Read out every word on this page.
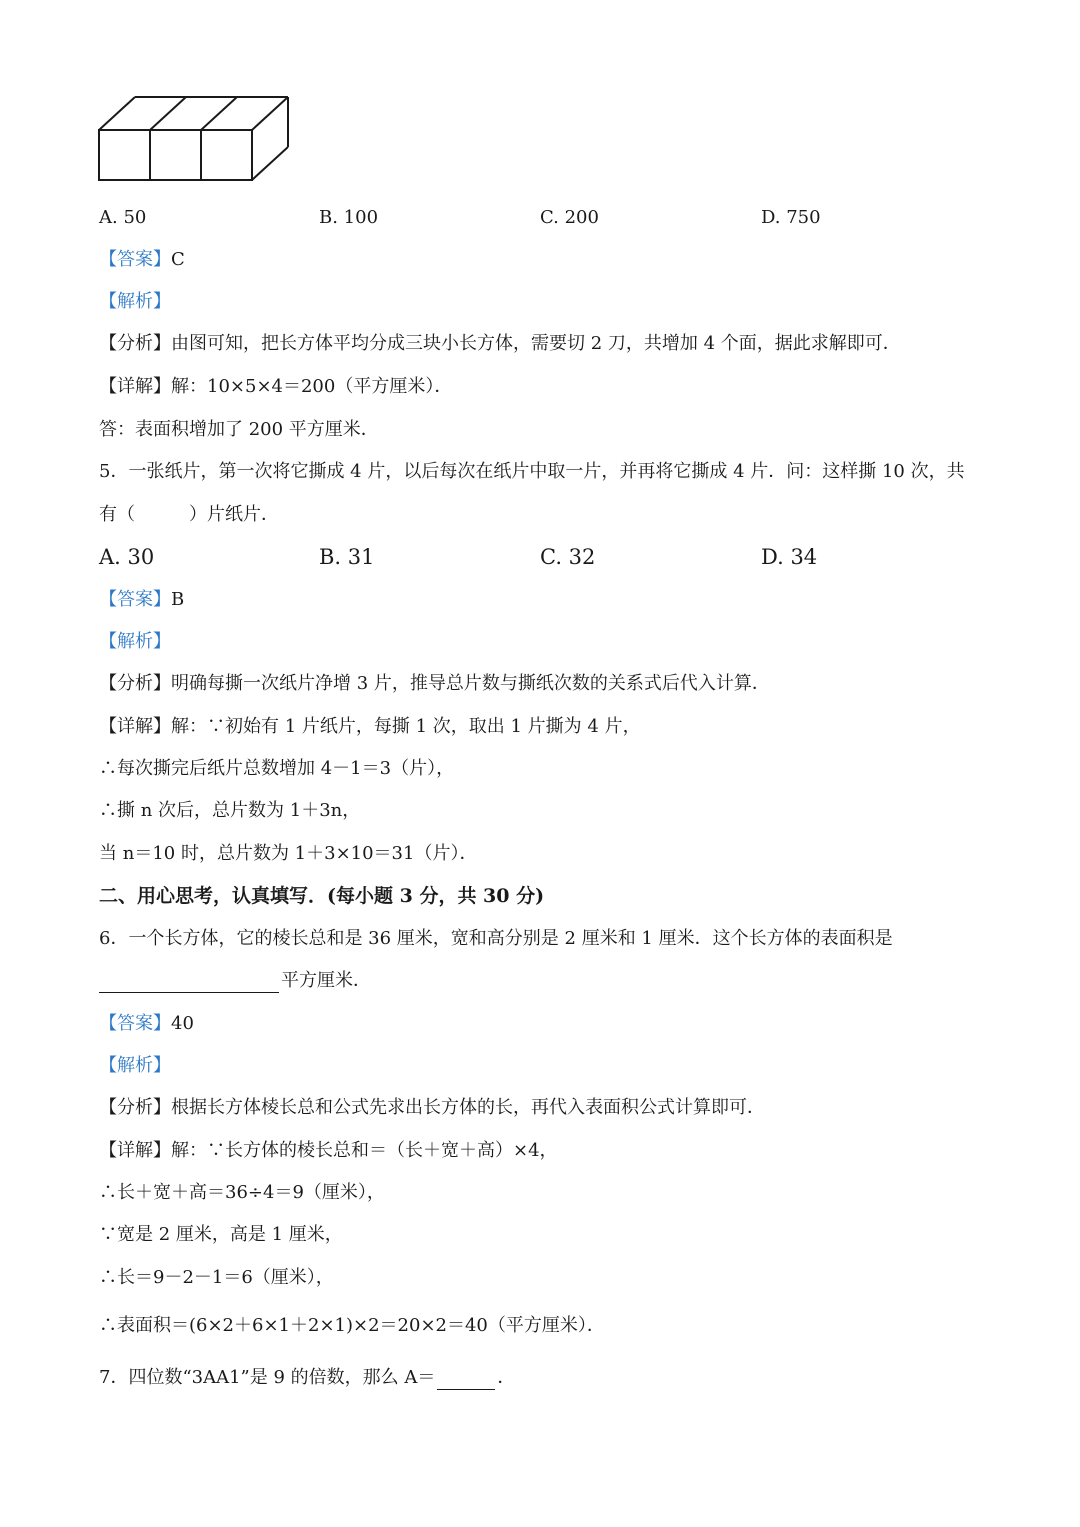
A. 50	B. 100	C. 200	D. 750
【答案】C
【解析】
【分析】由图可知，把长方体平均分成三块小长方体，需要切 2 刀，共增加 4 个面，据此求解即可．
【详解】解：10×5×4＝200（平方厘米）．
答：表面积增加了 200 平方厘米．
5．一张纸片，第一次将它撕成 4 片，以后每次在纸片中取一片，并再将它撕成 4 片．问：这样撕 10 次，共
有（　　　）片纸片．
A. 30	B. 31	C. 32	D. 34
【答案】B
【解析】
【分析】明确每撕一次纸片净增 3 片，推导总片数与撕纸次数的关系式后代入计算．
【详解】解：∵初始有 1 片纸片，每撕 1 次，取出 1 片撕为 4 片，
∴每次撕完后纸片总数增加 4－1＝3（片），
∴撕 n 次后，总片数为 1＋3n，
当 n＝10 时，总片数为 1＋3×10＝31（片）．
二、用心思考，认真填写．(每小题 3 分，共 30 分)
6．一个长方体，它的棱长总和是 36 厘米，宽和高分别是 2 厘米和 1 厘米．这个长方体的表面积是
平方厘米．
【答案】40
【解析】
【分析】根据长方体棱长总和公式先求出长方体的长，再代入表面积公式计算即可．
【详解】解：∵长方体的棱长总和＝（长＋宽＋高）×4，
∴长＋宽＋高＝36÷4＝9（厘米），
∵宽是 2 厘米，高是 1 厘米，
∴长＝9－2－1＝6（厘米），
∴表面积＝(6×2＋6×1＋2×1)×2＝20×2＝40（平方厘米）．
7．四位数“3AA1”是 9 的倍数，那么 A＝	．
